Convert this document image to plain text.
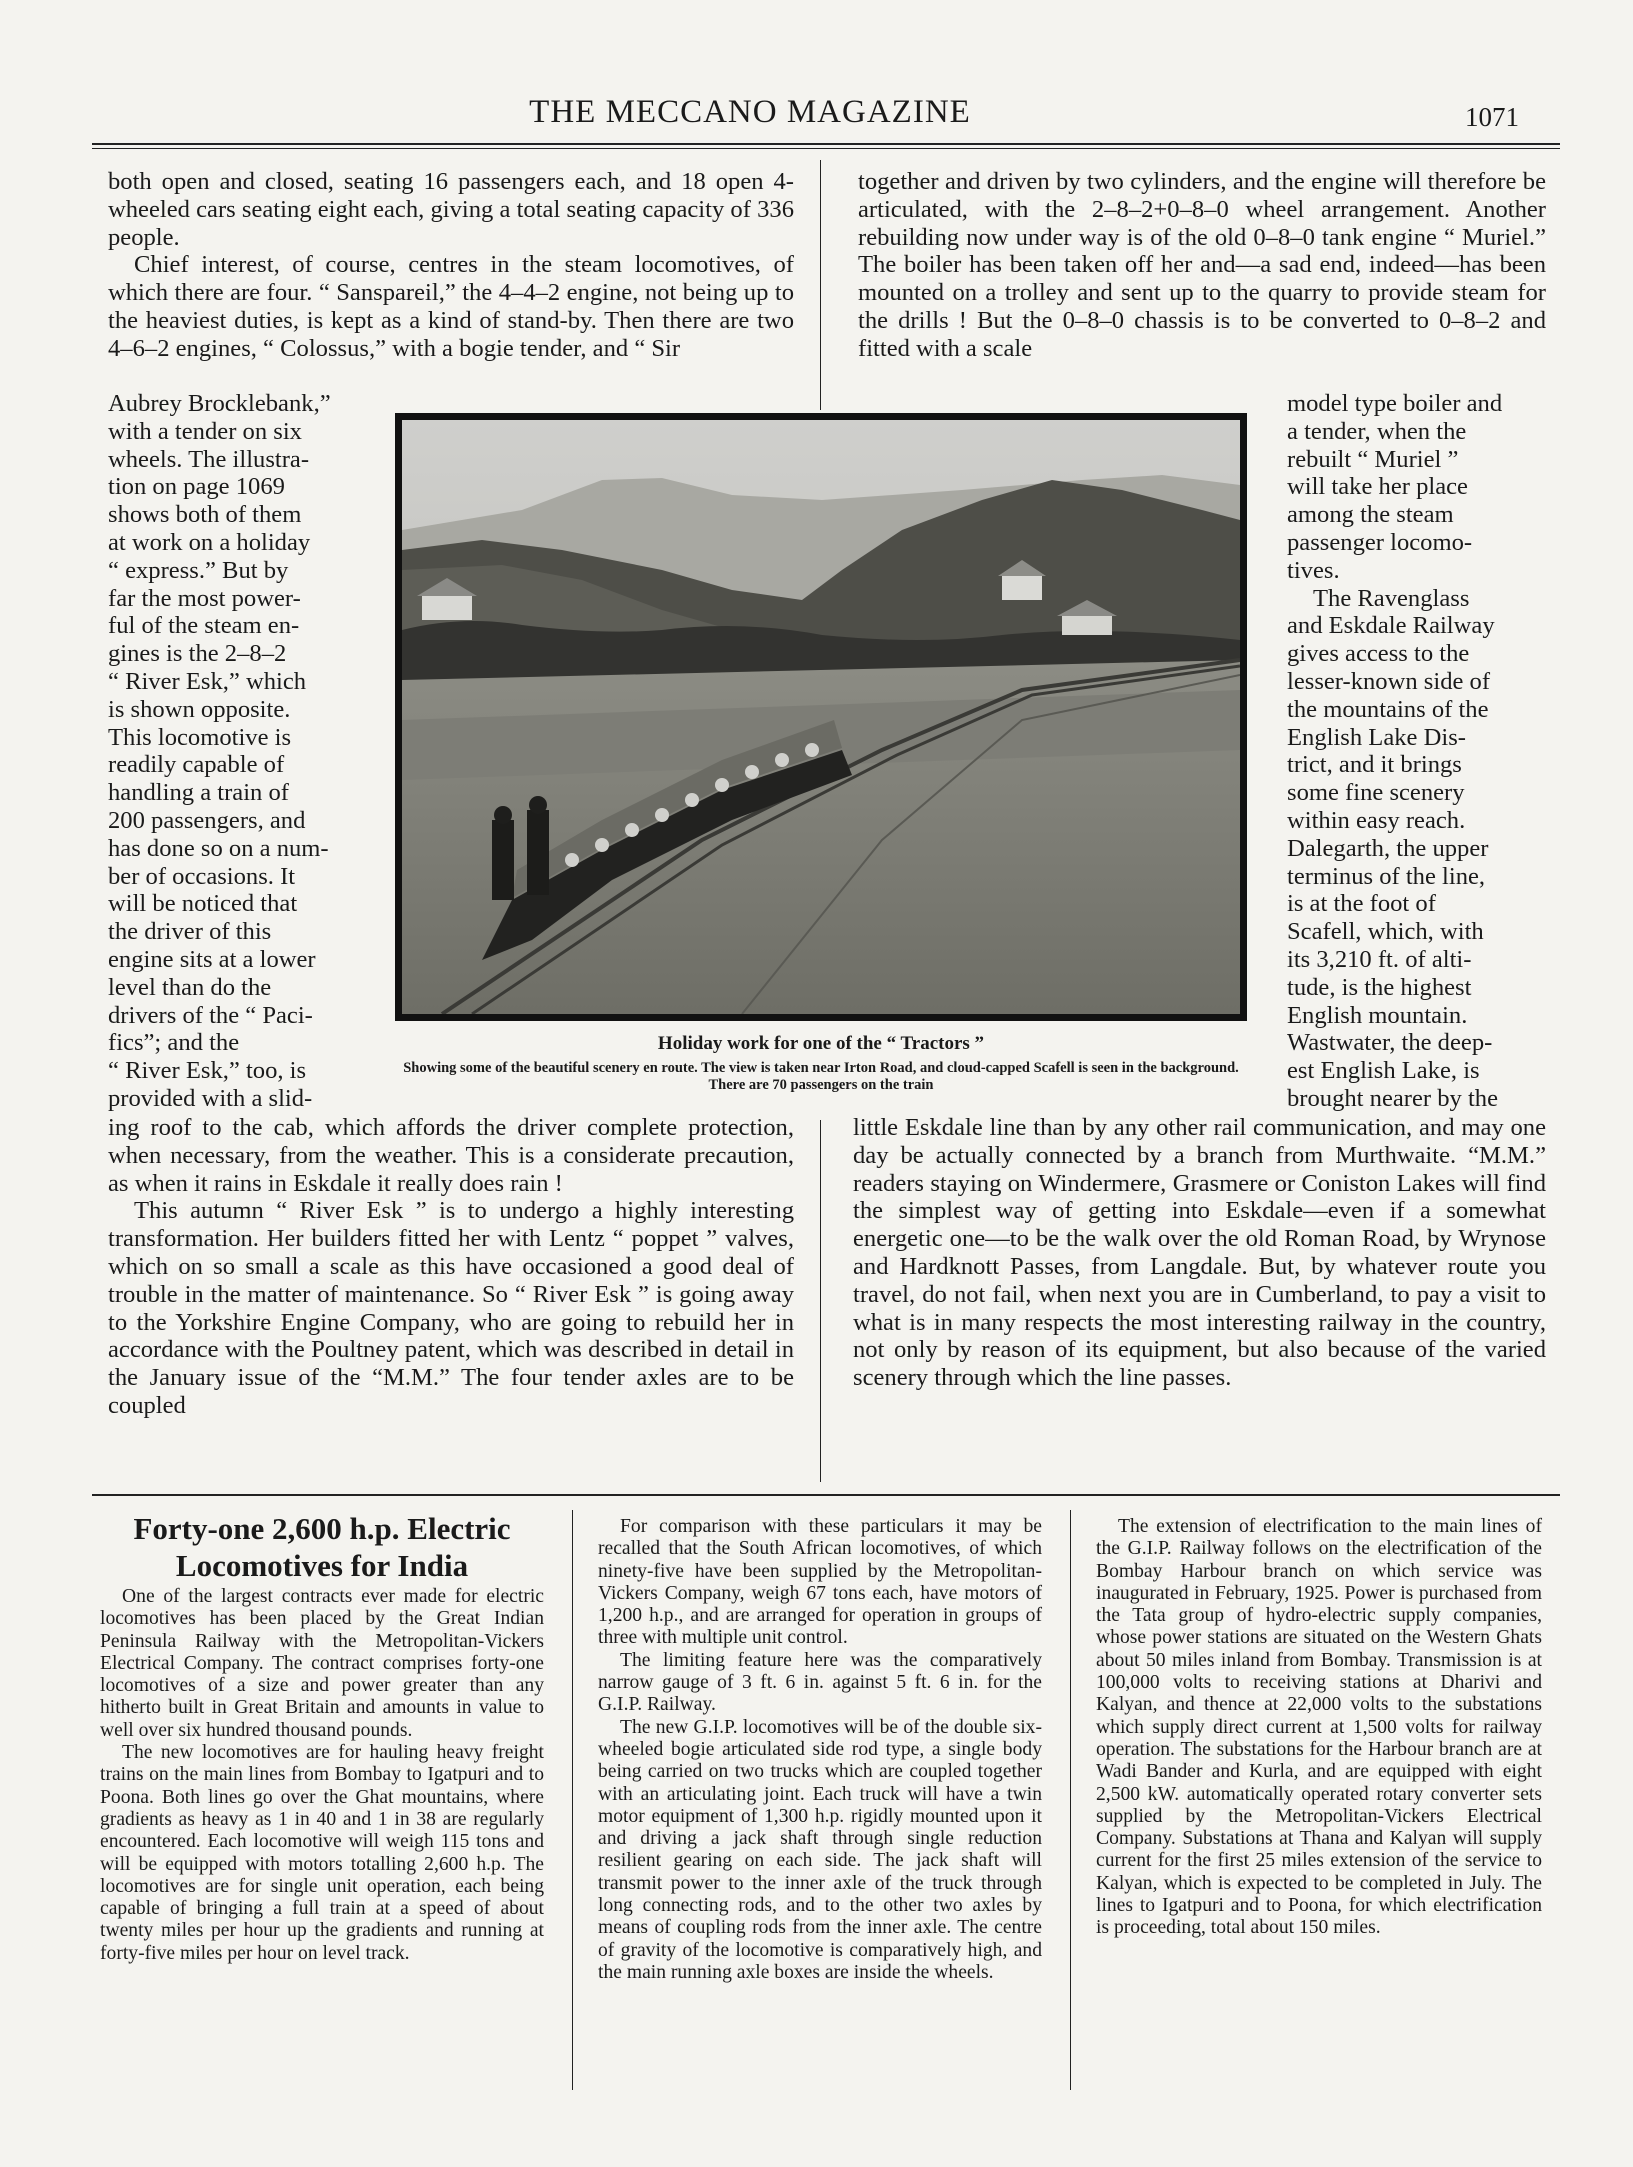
THE MECCANO MAGAZINE	1071

both open and closed, seating 16 passengers each, and 18 open 4-wheeled cars seating eight each, giving a total seating capacity of 336 people.

Chief interest, of course, centres in the steam locomotives, of which there are four. “ Sanspareil,” the 4–4–2 engine, not being up to the heaviest duties, is kept as a kind of stand-by. Then there are two 4–6–2 engines, “ Colossus,” with a bogie tender, and “ Sir

Aubrey Brocklebank,”
with a tender on six
wheels. The illustra-
tion on page 1069
shows both of them
at work on a holiday
“ express.” But by
far the most power-
ful of the steam en-
gines is the 2–8–2
“ River Esk,” which
is shown opposite.
This locomotive is
readily capable of
handling a train of
200 passengers, and
has done so on a num-
ber of occasions. It
will be noticed that
the driver of this
engine sits at a lower
level than do the
drivers of the “ Paci-
fics”; and the
“ River Esk,” too, is
provided with a slid-

ing roof to the cab, which affords the driver complete protection, when necessary, from the weather. This is a considerate precaution, as when it rains in Eskdale it really does rain !

This autumn “ River Esk ” is to undergo a highly interesting transformation. Her builders fitted her with Lentz “ poppet ” valves, which on so small a scale as this have occasioned a good deal of trouble in the matter of maintenance. So “ River Esk ” is going away to the Yorkshire Engine Company, who are going to rebuild her in accordance with the Poultney patent, which was described in detail in the January issue of the “M.M.” The four tender axles are to be coupled

together and driven by two cylinders, and the engine will therefore be articulated, with the 2–8–2+0–8–0 wheel arrangement. Another rebuilding now under way is of the old 0–8–0 tank engine “ Muriel.” The boiler has been taken off her and—a sad end, indeed—has been mounted on a trolley and sent up to the quarry to provide steam for the drills ! But the 0–8–0 chassis is to be converted to 0–8–2 and fitted with a scale

model type boiler and
a tender, when the
rebuilt “ Muriel ”
will take her place
among the steam
passenger locomo-
tives.
The Ravenglass
and Eskdale Railway
gives access to the
lesser-known side of
the mountains of the
English Lake Dis-
trict, and it brings
some fine scenery
within easy reach.
Dalegarth, the upper
terminus of the line,
is at the foot of
Scafell, which, with
its 3,210 ft. of alti-
tude, is the highest
English mountain.
Wastwater, the deep-
est English Lake, is
brought nearer by the

little Eskdale line than by any other rail communication, and may one day be actually connected by a branch from Murthwaite. “M.M.” readers staying on Windermere, Grasmere or Coniston Lakes will find the simplest way of getting into Eskdale—even if a somewhat energetic one—to be the walk over the old Roman Road, by Wrynose and Hardknott Passes, from Langdale. But, by whatever route you travel, do not fail, when next you are in Cumberland, to pay a visit to what is in many respects the most interesting railway in the country, not only by reason of its equipment, but also because of the varied scenery through which the line passes.

Holiday work for one of the “ Tractors ”
Showing some of the beautiful scenery en route. The view is taken near Irton Road, and cloud-capped Scafell is seen in the background. There are 70 passengers on the train
Forty-one 2,600 h.p. Electric
Locomotives for India

One of the largest contracts ever made for electric locomotives has been placed by the Great Indian Peninsula Railway with the Metropolitan-Vickers Electrical Company. The contract comprises forty-one locomotives of a size and power greater than any hitherto built in Great Britain and amounts in value to well over six hundred thousand pounds.

The new locomotives are for hauling heavy freight trains on the main lines from Bombay to Igatpuri and to Poona. Both lines go over the Ghat mountains, where gradients as heavy as 1 in 40 and 1 in 38 are regularly encountered. Each locomotive will weigh 115 tons and will be equipped with motors totalling 2,600 h.p. The locomotives are for single unit operation, each being capable of bringing a full train at a speed of about twenty miles per hour up the gradients and running at forty-five miles per hour on level track.

For comparison with these particulars it may be recalled that the South African locomotives, of which ninety-five have been supplied by the Metropolitan-Vickers Company, weigh 67 tons each, have motors of 1,200 h.p., and are arranged for operation in groups of three with multiple unit control.

The limiting feature here was the comparatively narrow gauge of 3 ft. 6 in. against 5 ft. 6 in. for the G.I.P. Railway.

The new G.I.P. locomotives will be of the double six-wheeled bogie articulated side rod type, a single body being carried on two trucks which are coupled together with an articulating joint. Each truck will have a twin motor equipment of 1,300 h.p. rigidly mounted upon it and driving a jack shaft through single reduction resilient gearing on each side. The jack shaft will transmit power to the inner axle of the truck through long connecting rods, and to the other two axles by means of coupling rods from the inner axle. The centre of gravity of the locomotive is comparatively high, and the main running axle boxes are inside the wheels.

The extension of electrification to the main lines of the G.I.P. Railway follows on the electrification of the Bombay Harbour branch on which service was inaugurated in February, 1925. Power is purchased from the Tata group of hydro-electric supply companies, whose power stations are situated on the Western Ghats about 50 miles inland from Bombay. Transmission is at 100,000 volts to receiving stations at Dharivi and Kalyan, and thence at 22,000 volts to the substations which supply direct current at 1,500 volts for railway operation. The substations for the Harbour branch are at Wadi Bander and Kurla, and are equipped with eight 2,500 kW. automatically operated rotary converter sets supplied by the Metropolitan-Vickers Electrical Company. Substations at Thana and Kalyan will supply current for the first 25 miles extension of the service to Kalyan, which is expected to be completed in July. The lines to Igatpuri and to Poona, for which electrification is proceeding, total about 150 miles.
